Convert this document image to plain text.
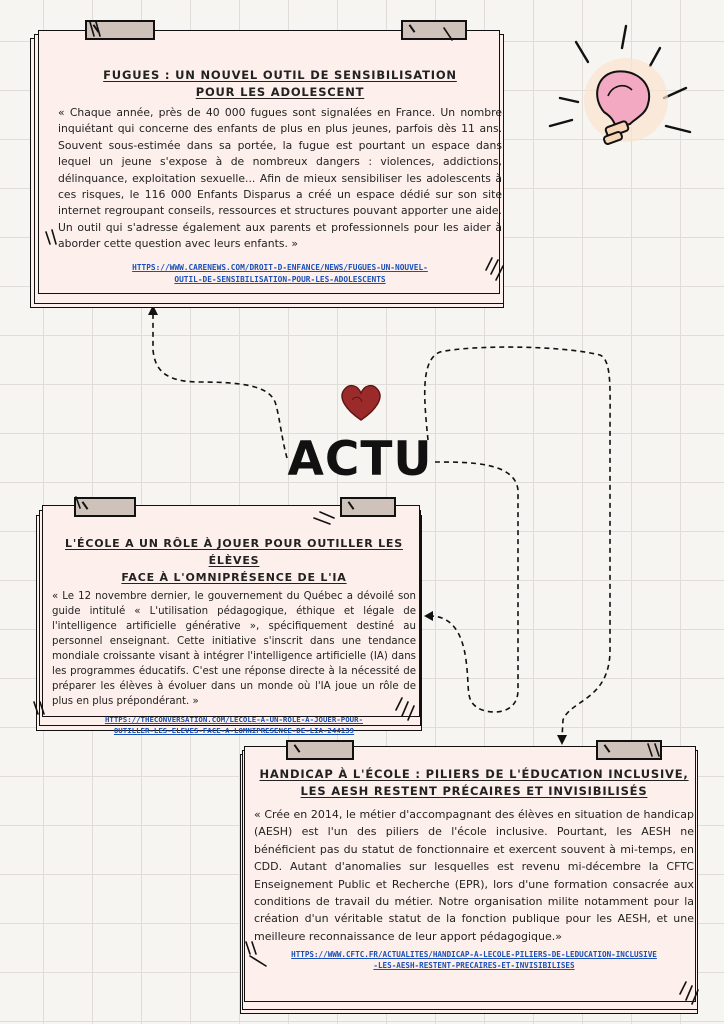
FUGUES : UN NOUVEL OUTIL DE SENSIBILISATION
POUR LES ADOLESCENT
« Chaque année, près de 40 000 fugues sont signalées en France. Un nombre inquiétant qui concerne des enfants de plus en plus jeunes, parfois dès 11 ans. Souvent sous-estimée dans sa portée, la fugue est pourtant un espace dans lequel un jeune s'expose à de nombreux dangers : violences, addictions, délinquance, exploitation sexuelle... Afin de mieux sensibiliser les adolescents à ces risques, le 116 000 Enfants Disparus a créé un espace dédié sur son site internet regroupant conseils, ressources et structures pouvant apporter une aide. Un outil qui s'adresse également aux parents et professionnels pour les aider à aborder cette question avec leurs enfants. »
HTTPS://WWW.CARENEWS.COM/DROIT-D-ENFANCE/NEWS/FUGUES-UN-NOUVEL-
OUTIL-DE-SENSIBILISATION-POUR-LES-ADOLESCENTS
L'ÉCOLE A UN RÔLE À JOUER POUR OUTILLER LES ÉLÈVES
FACE À L'OMNIPRÉSENCE DE L'IA
« Le 12 novembre dernier, le gouvernement du Québec a dévoilé son guide intitulé « L'utilisation pédagogique, éthique et légale de l'intelligence artificielle générative », spécifiquement destiné au personnel enseignant. Cette initiative s'inscrit dans une tendance mondiale croissante visant à intégrer l'intelligence artificielle (IA) dans les programmes éducatifs. C'est une réponse directe à la nécessité de préparer les élèves à évoluer dans un monde où l'IA joue un rôle de plus en plus prépondérant. »
HTTPS://THECONVERSATION.COM/LECOLE-A-UN-ROLE-A-JOUER-POUR-
OUTILLER-LES-ELEVES-FACE-A-LOMNIPRESENCE-DE-LIA-244139
HANDICAP À L'ÉCOLE : PILIERS DE L'ÉDUCATION INCLUSIVE,
LES AESH RESTENT PRÉCAIRES ET INVISIBILISÉS
« Crée en 2014, le métier d'accompagnant des élèves en situation de handicap (AESH) est l'un des piliers de l'école inclusive. Pourtant, les AESH ne bénéficient pas du statut de fonctionnaire et exercent souvent à mi-temps, en CDD. Autant d'anomalies sur lesquelles est revenu mi-décembre la CFTC Enseignement Public et Recherche (EPR), lors d'une formation consacrée aux conditions de travail du métier. Notre organisation milite notamment pour la création d'un véritable statut de la fonction publique pour les AESH, et une meilleure reconnaissance de leur apport pédagogique.»
HTTPS://WWW.CFTC.FR/ACTUALITES/HANDICAP-A-LECOLE-PILIERS-DE-LEDUCATION-INCLUSIVE
-LES-AESH-RESTENT-PRECAIRES-ET-INVISIBILISES
ACTU
